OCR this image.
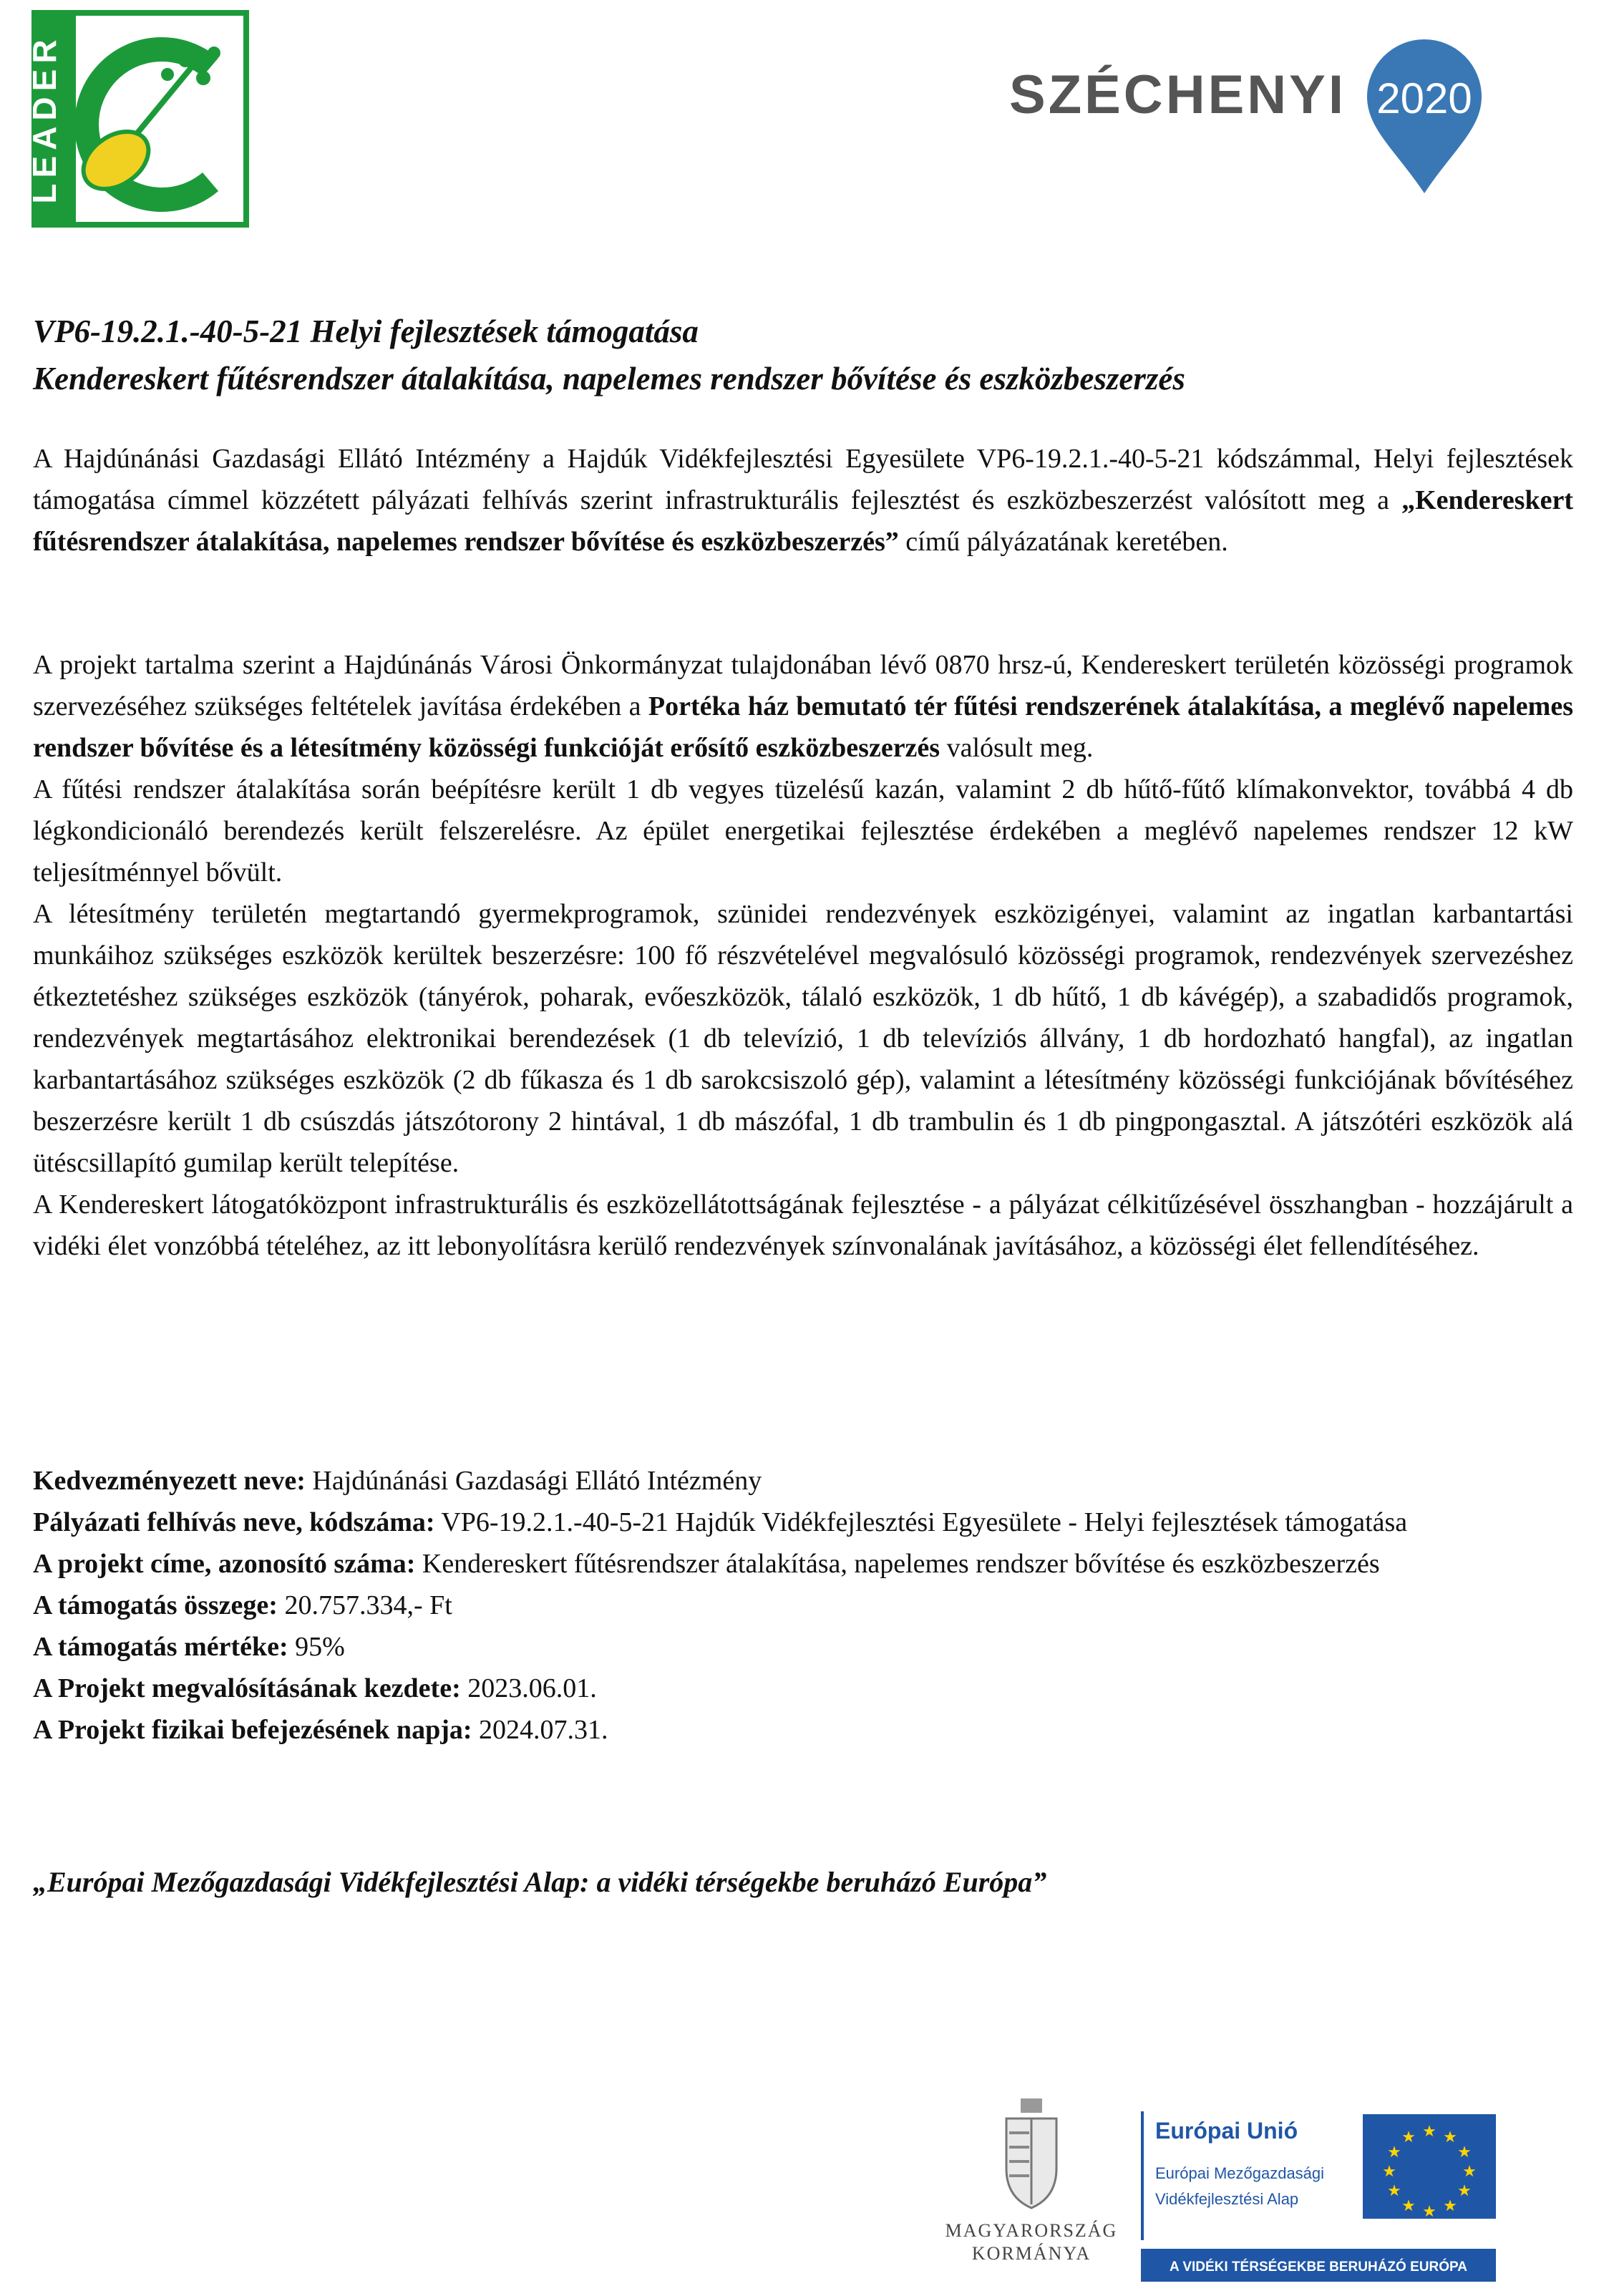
LEADER	SZÉCHENYI 2020
VP6-19.2.1.-40-5-21 Helyi fejlesztések támogatása
Kendereskert fűtésrendszer átalakítása, napelemes rendszer bővítése és eszközbeszerzés

A Hajdúnánási Gazdasági Ellátó Intézmény a Hajdúk Vidékfejlesztési Egyesülete VP6-19.2.1.-40-5-21 kódszámmal, Helyi fejlesztések támogatása címmel közzétett pályázati felhívás szerint infrastrukturális fejlesztést és eszközbeszerzést valósított meg a „Kendereskert fűtésrendszer átalakítása, napelemes rendszer bővítése és eszközbeszerzés” című pályázatának keretében.

A projekt tartalma szerint a Hajdúnánás Városi Önkormányzat tulajdonában lévő 0870 hrsz-ú, Kendereskert területén közösségi programok szervezéséhez szükséges feltételek javítása érdekében a Portéka ház bemutató tér fűtési rendszerének átalakítása, a meglévő napelemes rendszer bővítése és a létesítmény közösségi funkcióját erősítő eszközbeszerzés valósult meg.

A fűtési rendszer átalakítása során beépítésre került 1 db vegyes tüzelésű kazán, valamint 2 db hűtő-fűtő klímakonvektor, továbbá 4 db légkondicionáló berendezés került felszerelésre. Az épület energetikai fejlesztése érdekében a meglévő napelemes rendszer 12 kW teljesítménnyel bővült.

A létesítmény területén megtartandó gyermekprogramok, szünidei rendezvények eszközigényei, valamint az ingatlan karbantartási munkáihoz szükséges eszközök kerültek beszerzésre: 100 fő részvételével megvalósuló közösségi programok, rendezvények szervezéshez étkeztetéshez szükséges eszközök (tányérok, poharak, evőeszközök, tálaló eszközök, 1 db hűtő, 1 db kávégép), a szabadidős programok, rendezvények megtartásához elektronikai berendezések (1 db televízió, 1 db televíziós állvány, 1 db hordozható hangfal), az ingatlan karbantartásához szükséges eszközök (2 db fűkasza és 1 db sarokcsiszoló gép), valamint a létesítmény közösségi funkciójának bővítéséhez beszerzésre került 1 db csúszdás játszótorony 2 hintával, 1 db mászófal, 1 db trambulin és 1 db pingpongasztal. A játszótéri eszközök alá ütéscsillapító gumilap került telepítése.

A Kendereskert látogatóközpont infrastrukturális és eszközellátottságának fejlesztése - a pályázat célkitűzésével összhangban - hozzájárult a vidéki élet vonzóbbá tételéhez, az itt lebonyolításra kerülő rendezvények színvonalának javításához, a közösségi élet fellendítéséhez.

Kedvezményezett neve: Hajdúnánási Gazdasági Ellátó Intézmény
Pályázati felhívás neve, kódszáma: VP6-19.2.1.-40-5-21 Hajdúk Vidékfejlesztési Egyesülete - Helyi fejlesztések támogatása
A projekt címe, azonosító száma: Kendereskert fűtésrendszer átalakítása, napelemes rendszer bővítése és eszközbeszerzés
A támogatás összege: 20.757.334,- Ft
A támogatás mértéke: 95%
A Projekt megvalósításának kezdete: 2023.06.01.
A Projekt fizikai befejezésének napja: 2024.07.31.
„Európai Mezőgazdasági Vidékfejlesztési Alap: a vidéki térségekbe beruházó Európa”
MAGYARORSZÁG
KORMÁNYA
Európai Unió
Európai Mezőgazdasági
Vidékfejlesztési Alap
★ ★
★
★
★
★
★
★
★
★
★
★
A VIDÉKI TÉRSÉGEKBE BERUHÁZÓ EURÓPA
